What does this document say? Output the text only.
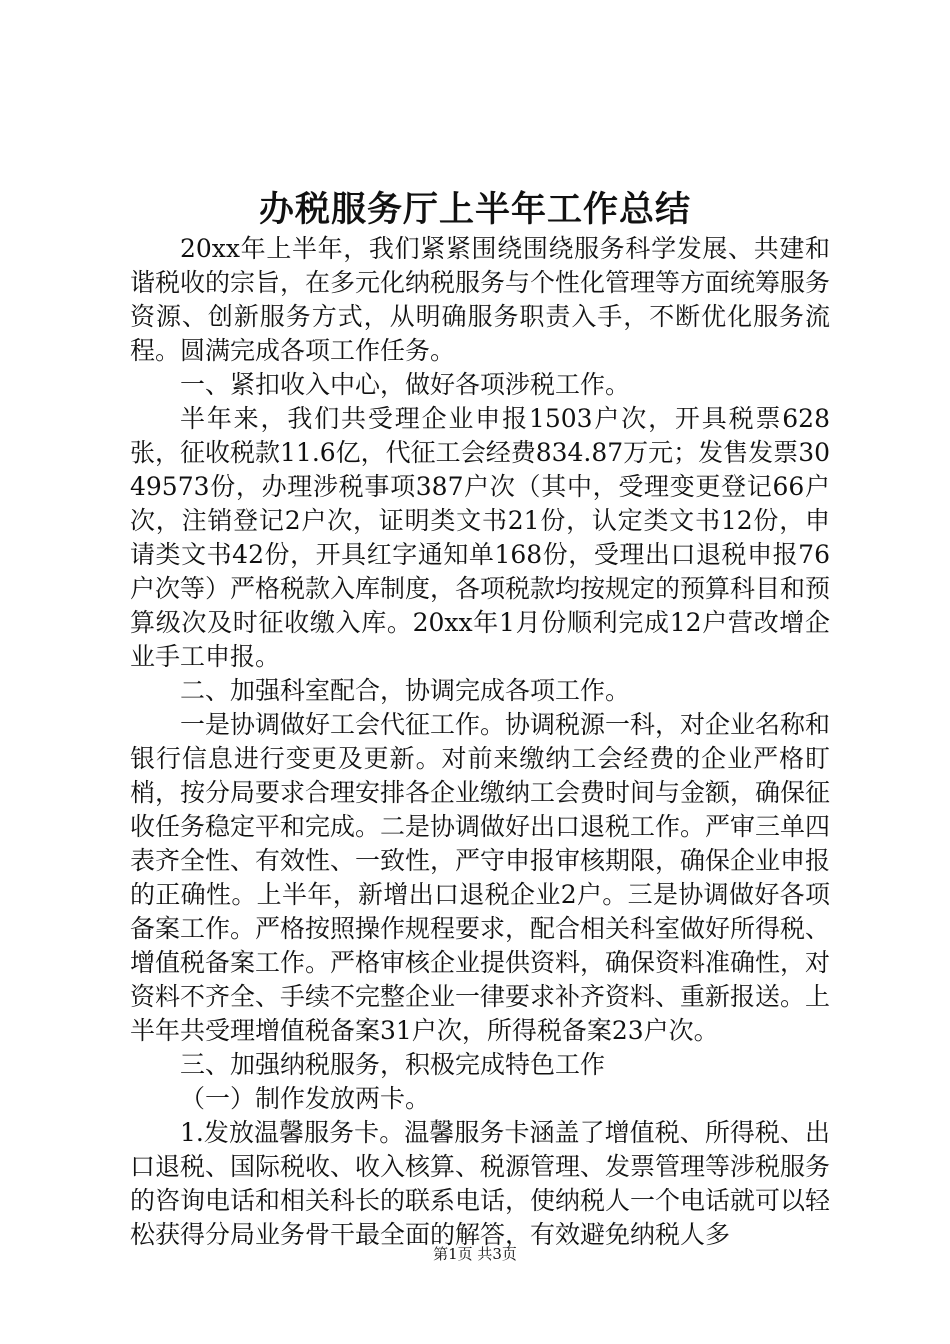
办税服务厅上半年工作总结

20xx年上半年，我们紧紧围绕围绕服务科学发展、共建和谐税收的宗旨，在多元化纳税服务与个性化管理等方面统筹服务资源、创新服务方式，从明确服务职责入手，不断优化服务流程。圆满完成各项工作任务。

一、紧扣收入中心，做好各项涉税工作。

半年来，我们共受理企业申报1503户次，开具税票628张，征收税款11.6亿，代征工会经费834.87万元；发售发票3049573份，办理涉税事项387户次（其中，受理变更登记66户次，注销登记2户次，证明类文书21份，认定类文书12份，申请类文书42份，开具红字通知单168份，受理出口退税申报76户次等）严格税款入库制度，各项税款均按规定的预算科目和预算级次及时征收缴入库。20xx年1月份顺利完成12户营改增企业手工申报。

二、加强科室配合，协调完成各项工作。

一是协调做好工会代征工作。协调税源一科，对企业名称和银行信息进行变更及更新。对前来缴纳工会经费的企业严格盯梢，按分局要求合理安排各企业缴纳工会费时间与金额，确保征收任务稳定平和完成。二是协调做好出口退税工作。严审三单四表齐全性、有效性、一致性，严守申报审核期限，确保企业申报的正确性。上半年，新增出口退税企业2户。三是协调做好各项备案工作。严格按照操作规程要求，配合相关科室做好所得税、增值税备案工作。严格审核企业提供资料，确保资料准确性，对资料不齐全、手续不完整企业一律要求补齐资料、重新报送。上半年共受理增值税备案31户次，所得税备案23户次。

三、加强纳税服务，积极完成特色工作

（一）制作发放两卡。

1.发放温馨服务卡。温馨服务卡涵盖了增值税、所得税、出口退税、国际税收、收入核算、税源管理、发票管理等涉税服务的咨询电话和相关科长的联系电话，使纳税人一个电话就可以轻松获得分局业务骨干最全面的解答，有效避免纳税人多

第1页 共3页
